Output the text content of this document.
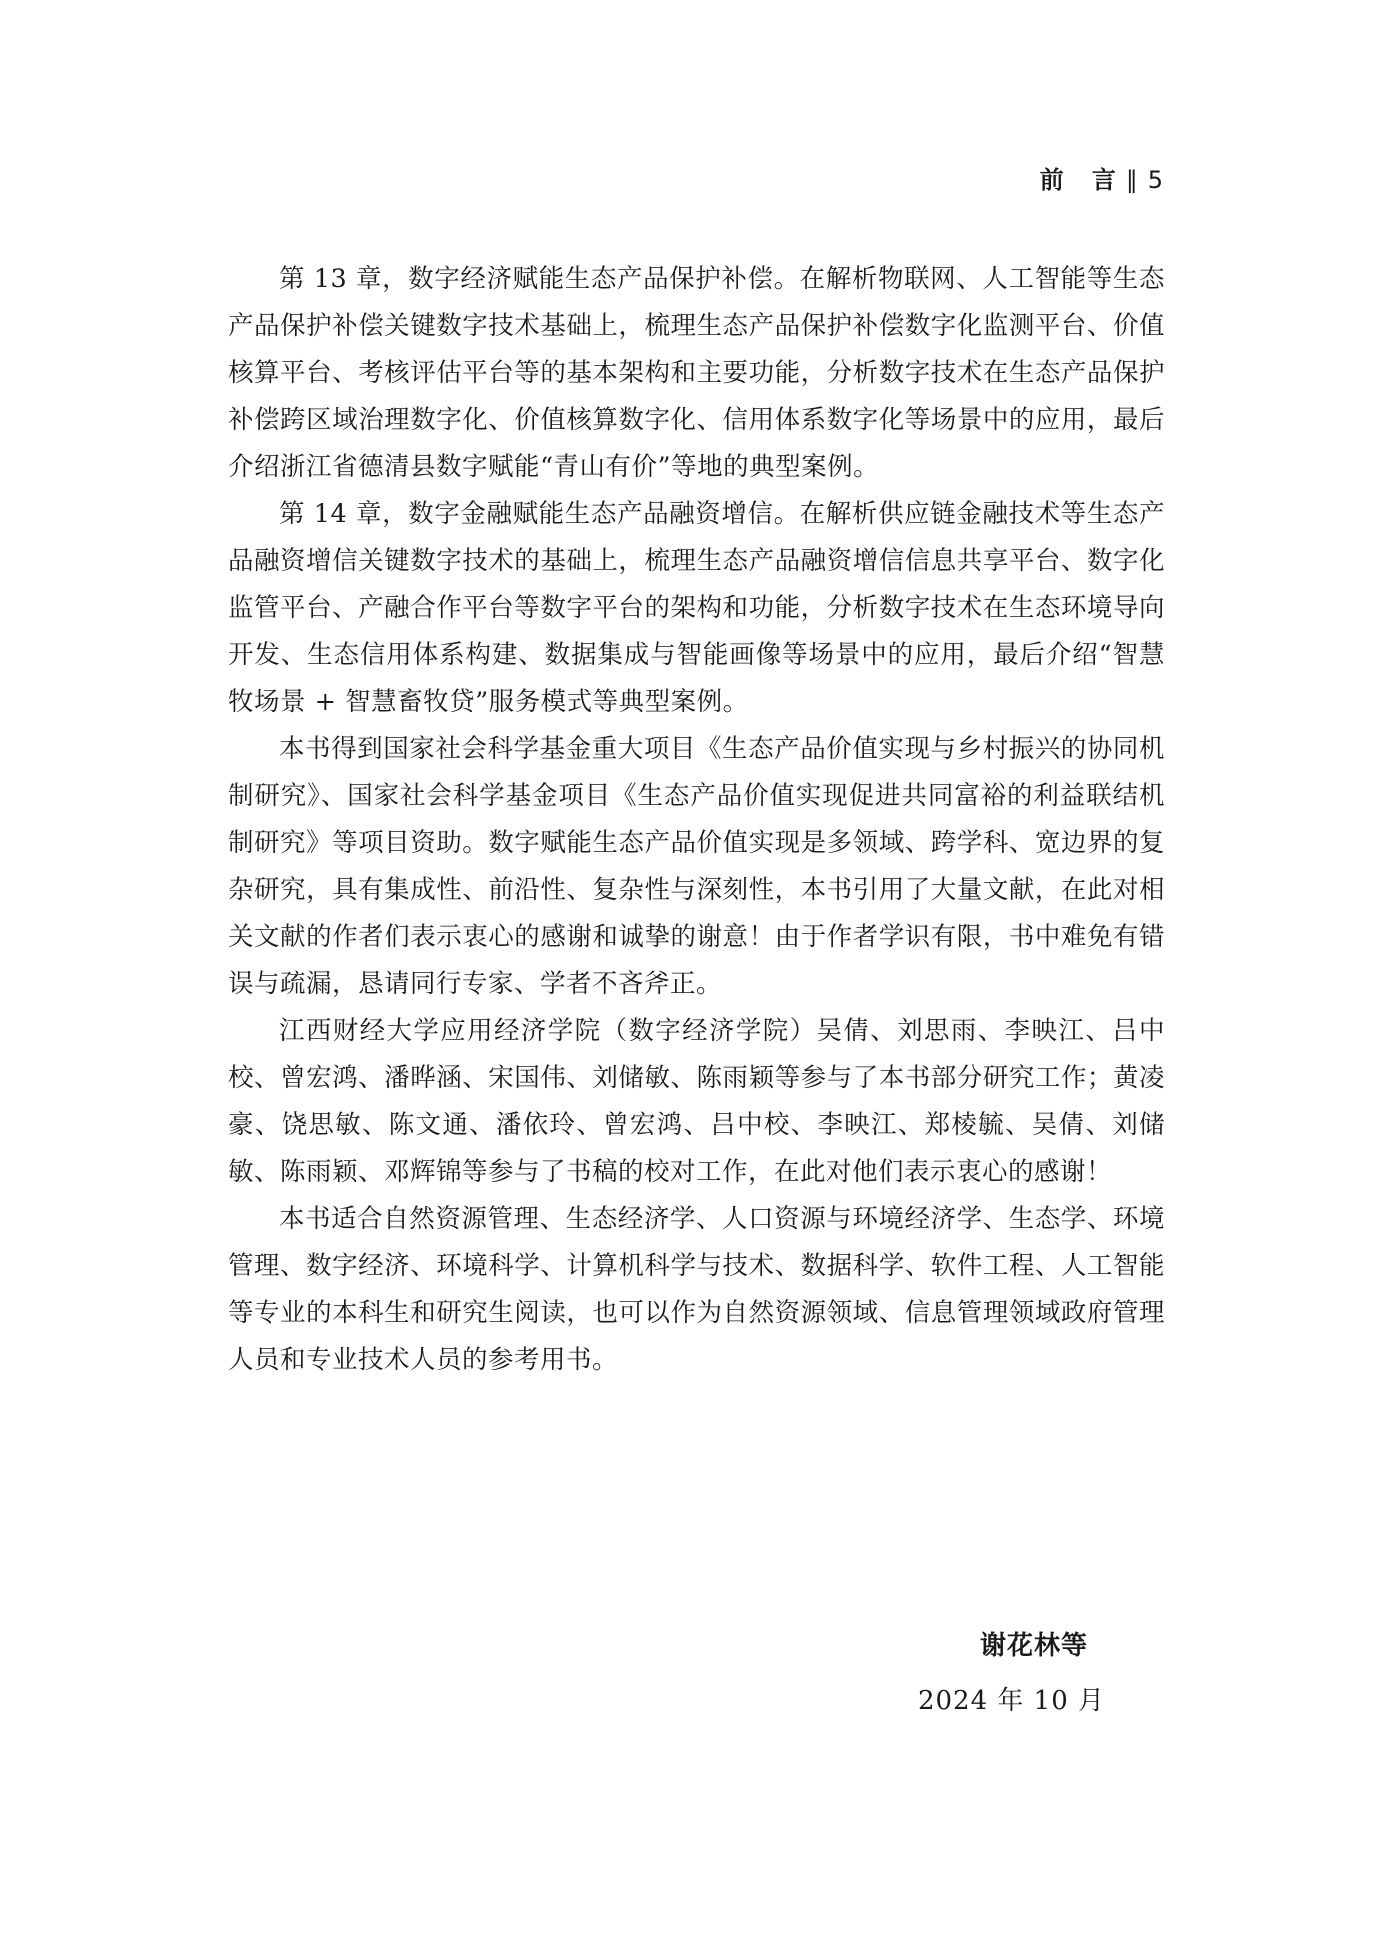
前　言 ∥ 5

第 13 章，数字经济赋能生态产品保护补偿。在解析物联网、人工智能等生态产品保护补偿关键数字技术基础上，梳理生态产品保护补偿数字化监测平台、价值核算平台、考核评估平台等的基本架构和主要功能，分析数字技术在生态产品保护补偿跨区域治理数字化、价值核算数字化、信用体系数字化等场景中的应用，最后介绍浙江省德清县数字赋能“青山有价”等地的典型案例。

第 14 章，数字金融赋能生态产品融资增信。在解析供应链金融技术等生态产品融资增信关键数字技术的基础上，梳理生态产品融资增信信息共享平台、数字化监管平台、产融合作平台等数字平台的架构和功能，分析数字技术在生态环境导向开发、生态信用体系构建、数据集成与智能画像等场景中的应用，最后介绍“智慧牧场景 + 智慧畜牧贷”服务模式等典型案例。

本书得到国家社会科学基金重大项目《生态产品价值实现与乡村振兴的协同机制研究》、国家社会科学基金项目《生态产品价值实现促进共同富裕的利益联结机制研究》等项目资助。数字赋能生态产品价值实现是多领域、跨学科、宽边界的复杂研究，具有集成性、前沿性、复杂性与深刻性，本书引用了大量文献，在此对相关文献的作者们表示衷心的感谢和诚挚的谢意！由于作者学识有限，书中难免有错误与疏漏，恳请同行专家、学者不吝斧正。

江西财经大学应用经济学院（数字经济学院）吴倩、刘思雨、李映江、吕中校、曾宏鸿、潘晔涵、宋国伟、刘储敏、陈雨颖等参与了本书部分研究工作；黄凌豪、饶思敏、陈文通、潘依玲、曾宏鸿、吕中校、李映江、郑棱毓、吴倩、刘储敏、陈雨颖、邓辉锦等参与了书稿的校对工作，在此对他们表示衷心的感谢！

本书适合自然资源管理、生态经济学、人口资源与环境经济学、生态学、环境管理、数字经济、环境科学、计算机科学与技术、数据科学、软件工程、人工智能等专业的本科生和研究生阅读，也可以作为自然资源领域、信息管理领域政府管理人员和专业技术人员的参考用书。

谢花林等
2024 年 10 月
